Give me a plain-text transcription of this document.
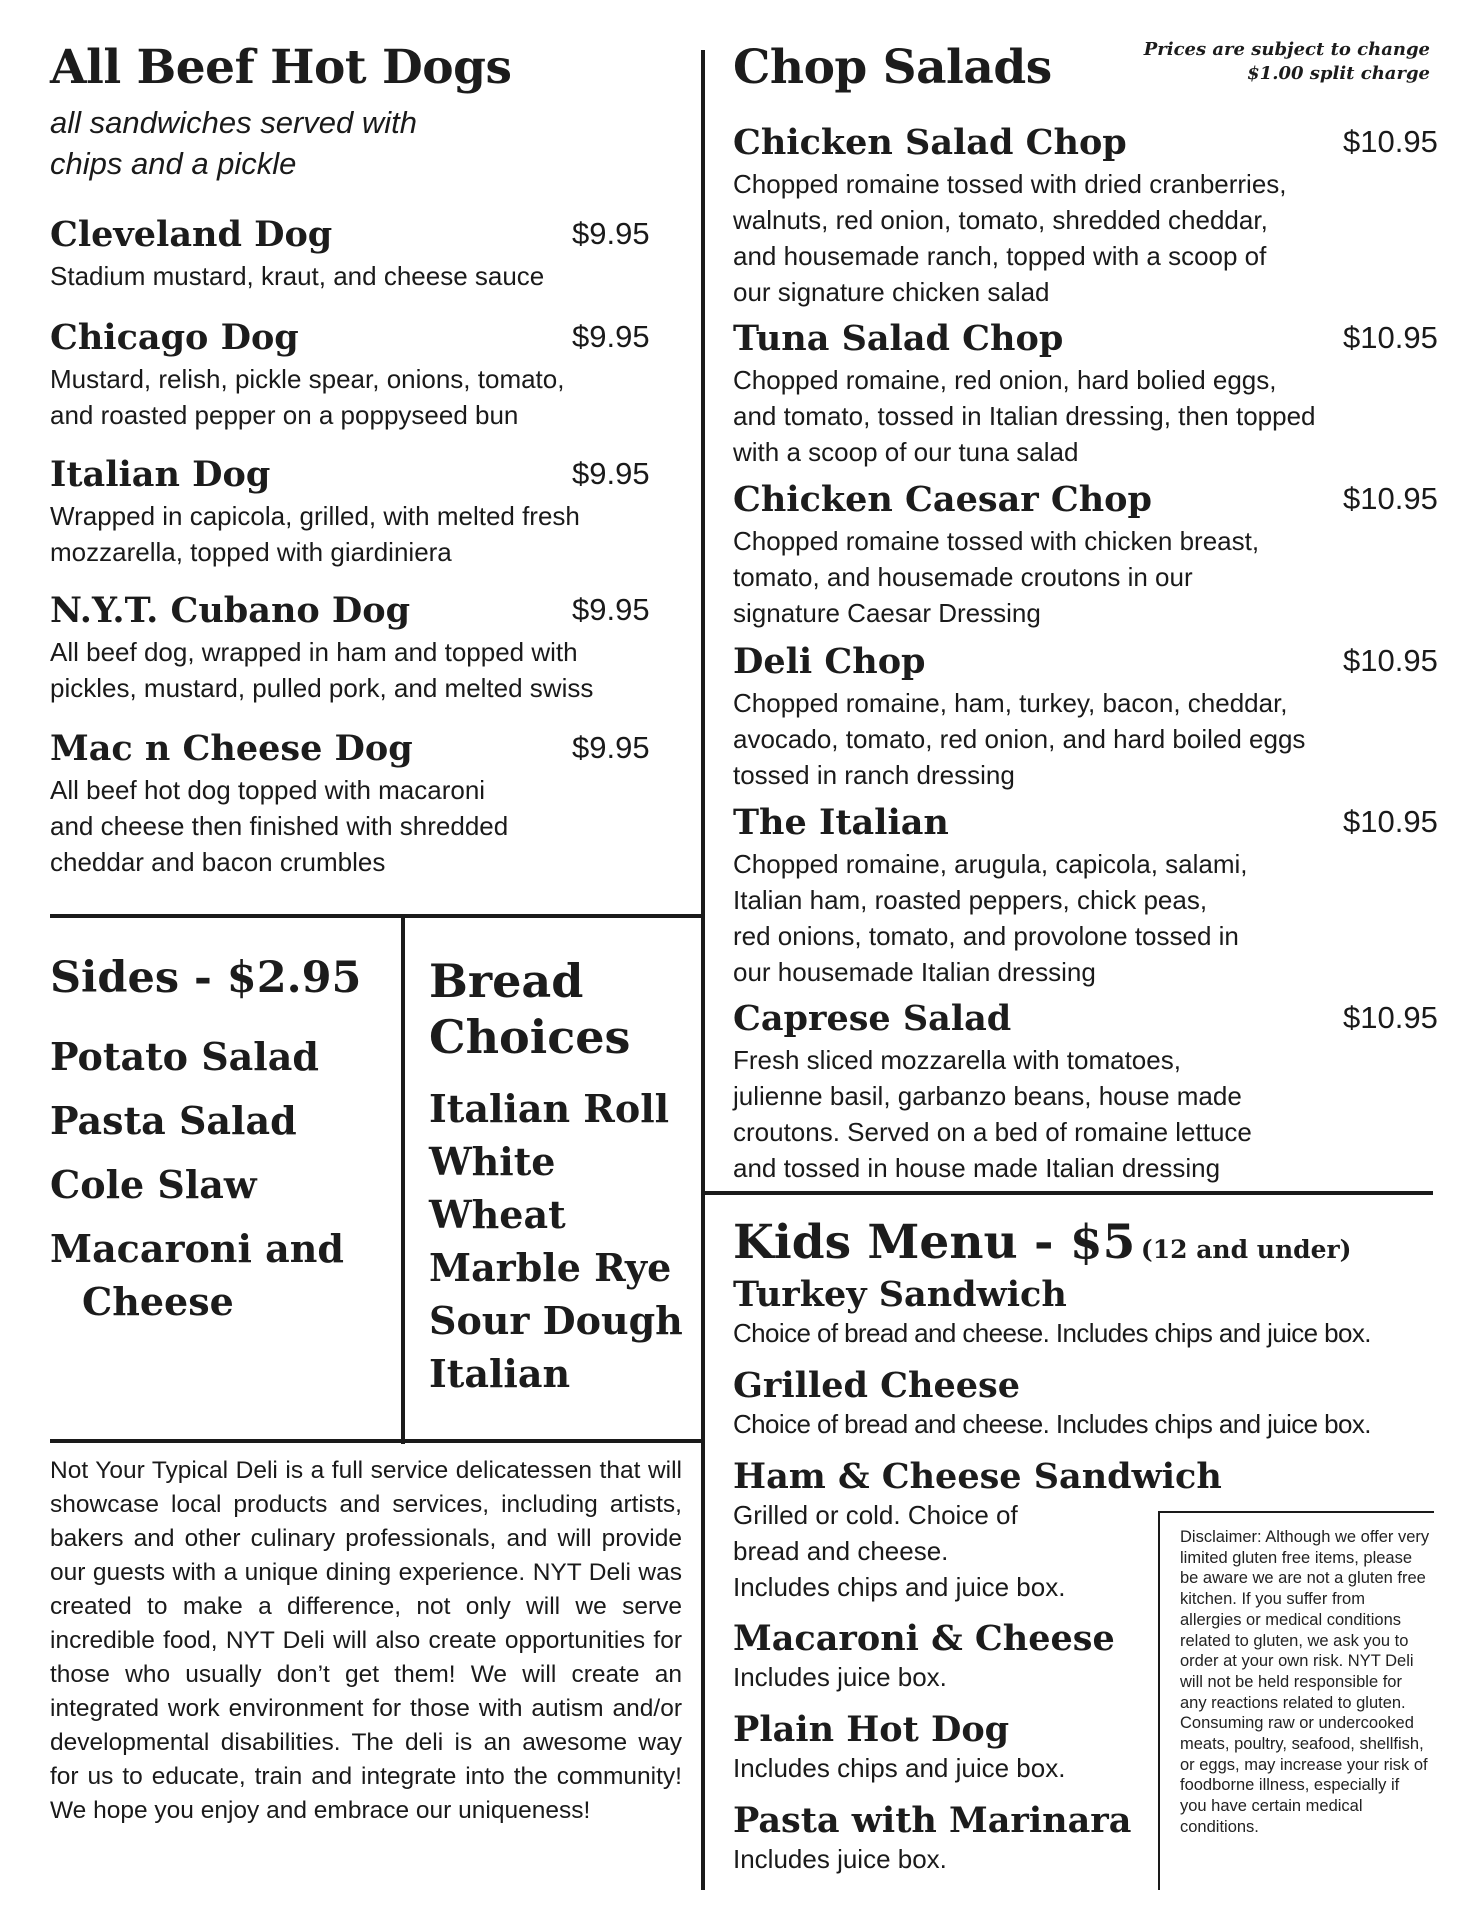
All Beef Hot Dogs
all sandwiches served with
chips and a pickle
Cleveland Dog	$9.95

Stadium mustard, kraut, and cheese sauce

Chicago Dog	$9.95

Mustard, relish, pickle spear, onions, tomato,
and roasted pepper on a poppyseed bun

Italian Dog	$9.95

Wrapped in capicola, grilled, with melted fresh
mozzarella, topped with giardiniera

N.Y.T. Cubano Dog	$9.95

All beef dog, wrapped in ham and topped with
pickles, mustard, pulled pork, and melted swiss

Mac n Cheese Dog	$9.95

All beef hot dog topped with macaroni
and cheese then finished with shredded
cheddar and bacon crumbles

Sides - $2.95
Potato Salad
Pasta Salad
Cole Slaw
Macaroni and
Cheese
Bread
Choices
Italian Roll
White
Wheat
Marble Rye
Sour Dough
Italian
Not Your Typical Deli is a full service delicatessen that will showcase local products and services, including artists, bakers and other culinary professionals, and will provide our guests with a unique dining experience. NYT Deli was created to make a difference, not only will we serve incredible food, NYT Deli will also create opportunities for those who usually don’t get them! We will create an integrated work environment for those with autism and/or developmental disabilities. The deli is an awesome way for us to educate, train and integrate into the community! We hope you enjoy and embrace our uniqueness!
Chop Salads	Prices are subject to change
$1.00 split charge
Chicken Salad Chop	$10.95

Chopped romaine tossed with dried cranberries,
walnuts, red onion, tomato, shredded cheddar,
and housemade ranch, topped with a scoop of
our signature chicken salad

Tuna Salad Chop	$10.95

Chopped romaine, red onion, hard bolied eggs,
and tomato, tossed in Italian dressing, then topped
with a scoop of our tuna salad

Chicken Caesar Chop	$10.95

Chopped romaine tossed with chicken breast,
tomato, and housemade croutons in our
signature Caesar Dressing

Deli Chop	$10.95

Chopped romaine, ham, turkey, bacon, cheddar,
avocado, tomato, red onion, and hard boiled eggs
tossed in ranch dressing

The Italian	$10.95

Chopped romaine, arugula, capicola, salami,
Italian ham, roasted peppers, chick peas,
red onions, tomato, and provolone tossed in
our housemade Italian dressing

Caprese Salad	$10.95

Fresh sliced mozzarella with tomatoes,
julienne basil, garbanzo beans, house made
croutons. Served on a bed of romaine lettuce
and tossed in house made Italian dressing

Kids Menu - $5 (12 and under)
Turkey Sandwich
Choice of bread and cheese. Includes chips and juice box.
Grilled Cheese
Choice of bread and cheese. Includes chips and juice box.
Ham & Cheese Sandwich
Grilled or cold. Choice of
bread and cheese.
Includes chips and juice box.
Macaroni & Cheese
Includes juice box.
Plain Hot Dog
Includes chips and juice box.
Pasta with Marinara
Includes juice box.
Disclaimer: Although we offer very limited gluten free items, please be aware we are not a gluten free kitchen. If you suffer from allergies or medical conditions related to gluten, we ask you to order at your own risk. NYT Deli will not be held responsible for any reactions related to gluten. Consuming raw or undercooked meats, poultry, seafood, shellfish, or eggs, may increase your risk of foodborne illness, especially if you have certain medical conditions.
